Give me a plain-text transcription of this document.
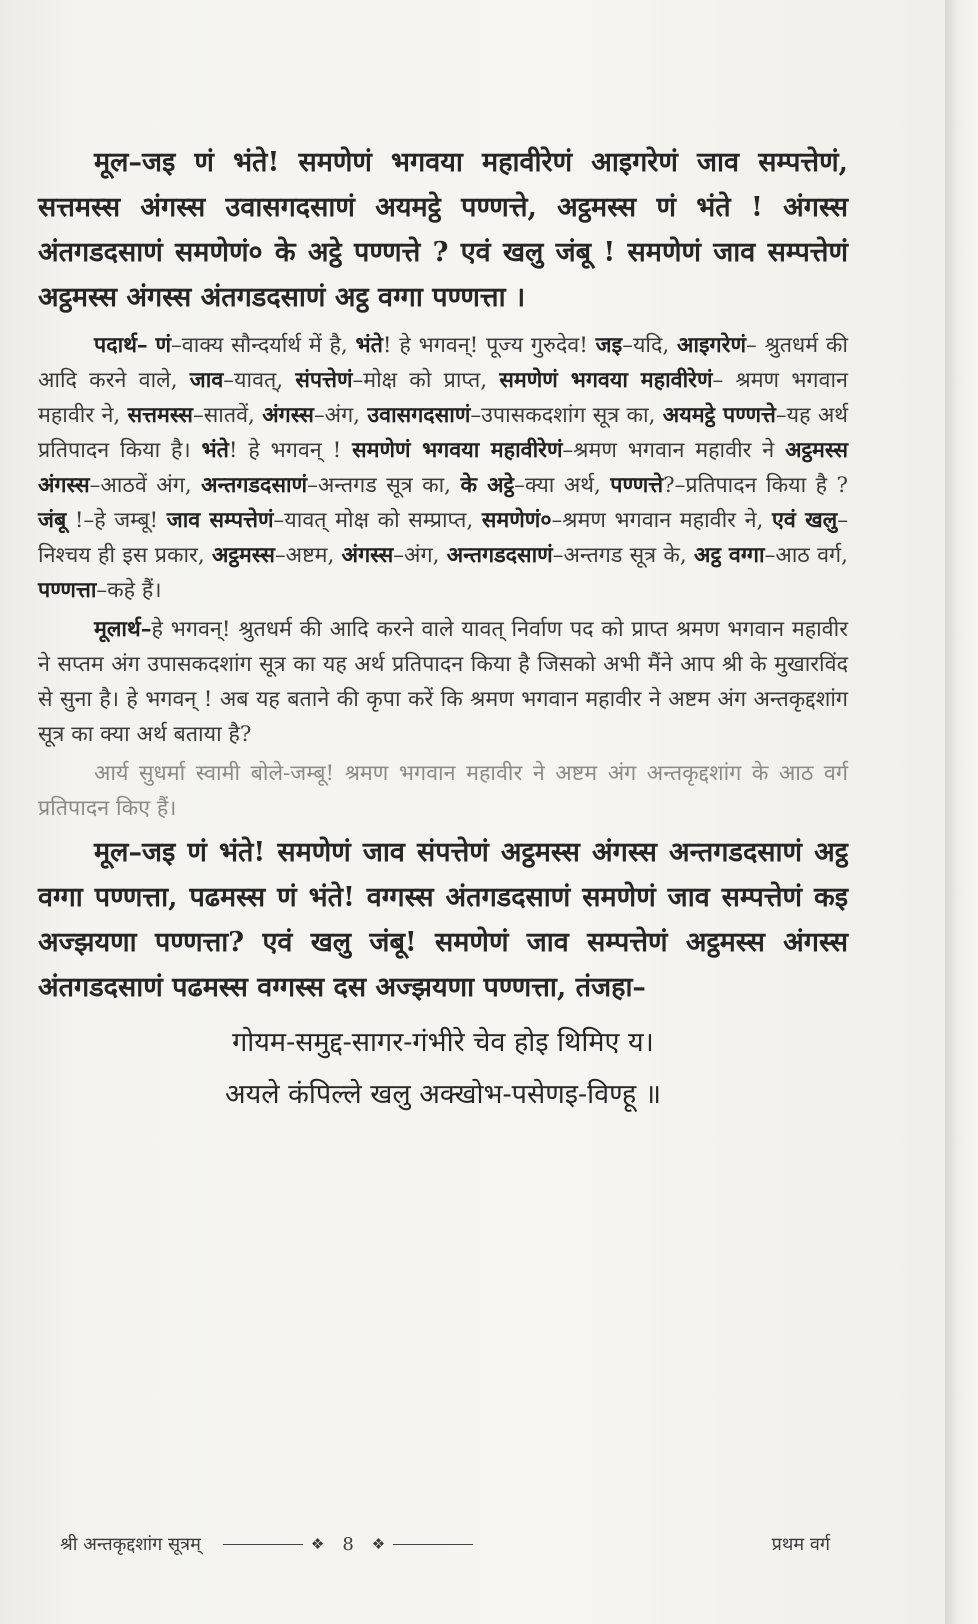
मूल–जइ णं भंते! समणेणं भगवया महावीरेणं आइगरेणं जाव सम्पत्तेणं, सत्तमस्स अंगस्स उवासगदसाणं अयमट्ठे पण्णत्ते, अट्ठमस्स णं भंते ! अंगस्स अंतगडदसाणं समणेणं० के अट्ठे पण्णत्ते ? एवं खलु जंबू ! समणेणं जाव सम्पत्तेणं अट्ठमस्स अंगस्स अंतगडदसाणं अट्ठ वग्गा पण्णत्ता ।

पदार्थ– णं–वाक्य सौन्दर्यार्थ में है, भंते! हे भगवन्! पूज्य गुरुदेव! जइ–यदि, आइगरेणं– श्रुतधर्म की आदि करने वाले, जाव–यावत्, संपत्तेणं–मोक्ष को प्राप्त, समणेणं भगवया महावीरेणं– श्रमण भगवान महावीर ने, सत्तमस्स–सातवें, अंगस्स–अंग, उवासगदसाणं–उपासकदशांग सूत्र का, अयमट्ठे पण्णत्ते–यह अर्थ प्रतिपादन किया है। भंते! हे भगवन् ! समणेणं भगवया महावीरेणं–श्रमण भगवान महावीर ने अट्ठमस्स अंगस्स–आठवें अंग, अन्तगडदसाणं–अन्तगड सूत्र का, के अट्ठे–क्या अर्थ, पण्णत्ते?–प्रतिपादन किया है ? जंबू !–हे जम्बू! जाव सम्पत्तेणं–यावत् मोक्ष को सम्प्राप्त, समणेणं०–श्रमण भगवान महावीर ने, एवं खलु–निश्चय ही इस प्रकार, अट्ठमस्स–अष्टम, अंगस्स–अंग, अन्तगडदसाणं–अन्तगड सूत्र के, अट्ठ वग्गा–आठ वर्ग, पण्णत्ता–कहे हैं।

मूलार्थ–हे भगवन्! श्रुतधर्म की आदि करने वाले यावत् निर्वाण पद को प्राप्त श्रमण भगवान महावीर ने सप्तम अंग उपासकदशांग सूत्र का यह अर्थ प्रतिपादन किया है जिसको अभी मैंने आप श्री के मुखारविंद से सुना है। हे भगवन् ! अब यह बताने की कृपा करें कि श्रमण भगवान महावीर ने अष्टम अंग अन्तकृद्दशांग सूत्र का क्या अर्थ बताया है?

आर्य सुधर्मा स्वामी बोले-जम्बू! श्रमण भगवान महावीर ने अष्टम अंग अन्तकृद्दशांग के आठ वर्ग प्रतिपादन किए हैं।

मूल–जइ णं भंते! समणेणं जाव संपत्तेणं अट्ठमस्स अंगस्स अन्तगडदसाणं अट्ठ वग्गा पण्णत्ता, पढमस्स णं भंते! वग्गस्स अंतगडदसाणं समणेणं जाव सम्पत्तेणं कइ अज्झयणा पण्णत्ता? एवं खलु जंबू! समणेणं जाव सम्पत्तेणं अट्ठमस्स अंगस्स अंतगडदसाणं पढमस्स वग्गस्स दस अज्झयणा पण्णत्ता, तंजहा–

गोयम-समुद्द-सागर-गंभीरे चेव होइ थिमिए य।

अयले कंपिल्ले खलु अक्खोभ-पसेणइ-विण्हू ॥

श्री अन्तकृद्दशांग सूत्रम्	❖ 8 ❖	प्रथम वर्ग
